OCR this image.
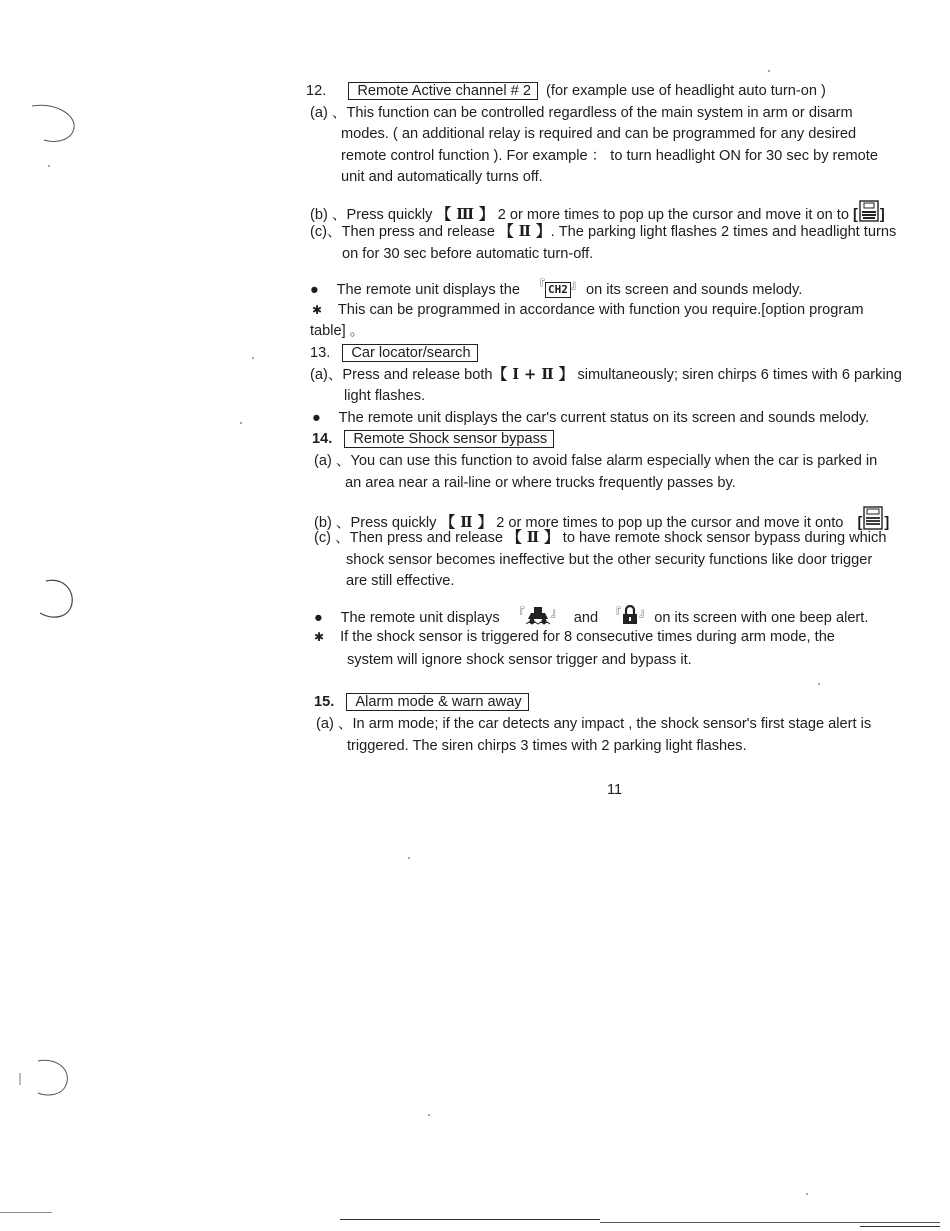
12. Remote Active channel # 2 (for example use of headlight auto turn-on )
(a) 、This function can be controlled regardless of the main system in arm or disarm
modes. ( an additional relay is required and can be programmed for any desired
remote control function ). For example ： to turn headlight ON for 30 sec by remote
unit and automatically turns off.
(b) 、Press quickly 【 Ⅲ 】 2 or more times to pop up the cursor and move it on to [ ]
(c)、Then press and release 【 Ⅱ 】. The parking light flashes 2 times and headlight turns
on for 30 sec before automatic turn-off.
● The remote unit displays the 『 CH2 』 on its screen and sounds melody.
✱ This can be programmed in accordance with function you require.[option program
table] 。
13. Car locator/search
(a)、Press and release both【 Ⅰ + Ⅱ 】 simultaneously; siren chirps 6 times with 6 parking
light flashes.
● The remote unit displays the car's current status on its screen and sounds melody.
14. Remote Shock sensor bypass
(a) 、You can use this function to avoid false alarm especially when the car is parked in
an area near a rail-line or where trucks frequently passes by.
(b) 、Press quickly 【 Ⅱ 】 2 or more times to pop up the cursor and move it onto [ ]
(c) 、Then press and release 【 Ⅱ 】 to have remote shock sensor bypass during which
shock sensor becomes ineffective but the other security functions like door trigger
are still effective.
● The remote unit displays 『 』 and 『 』 on its screen with one beep alert.
✱ If the shock sensor is triggered for 8 consecutive times during arm mode, the
system will ignore shock sensor trigger and bypass it.
15. Alarm mode & warn away
(a) 、In arm mode; if the car detects any impact , the shock sensor's first stage alert is
triggered. The siren chirps 3 times with 2 parking light flashes.
11
